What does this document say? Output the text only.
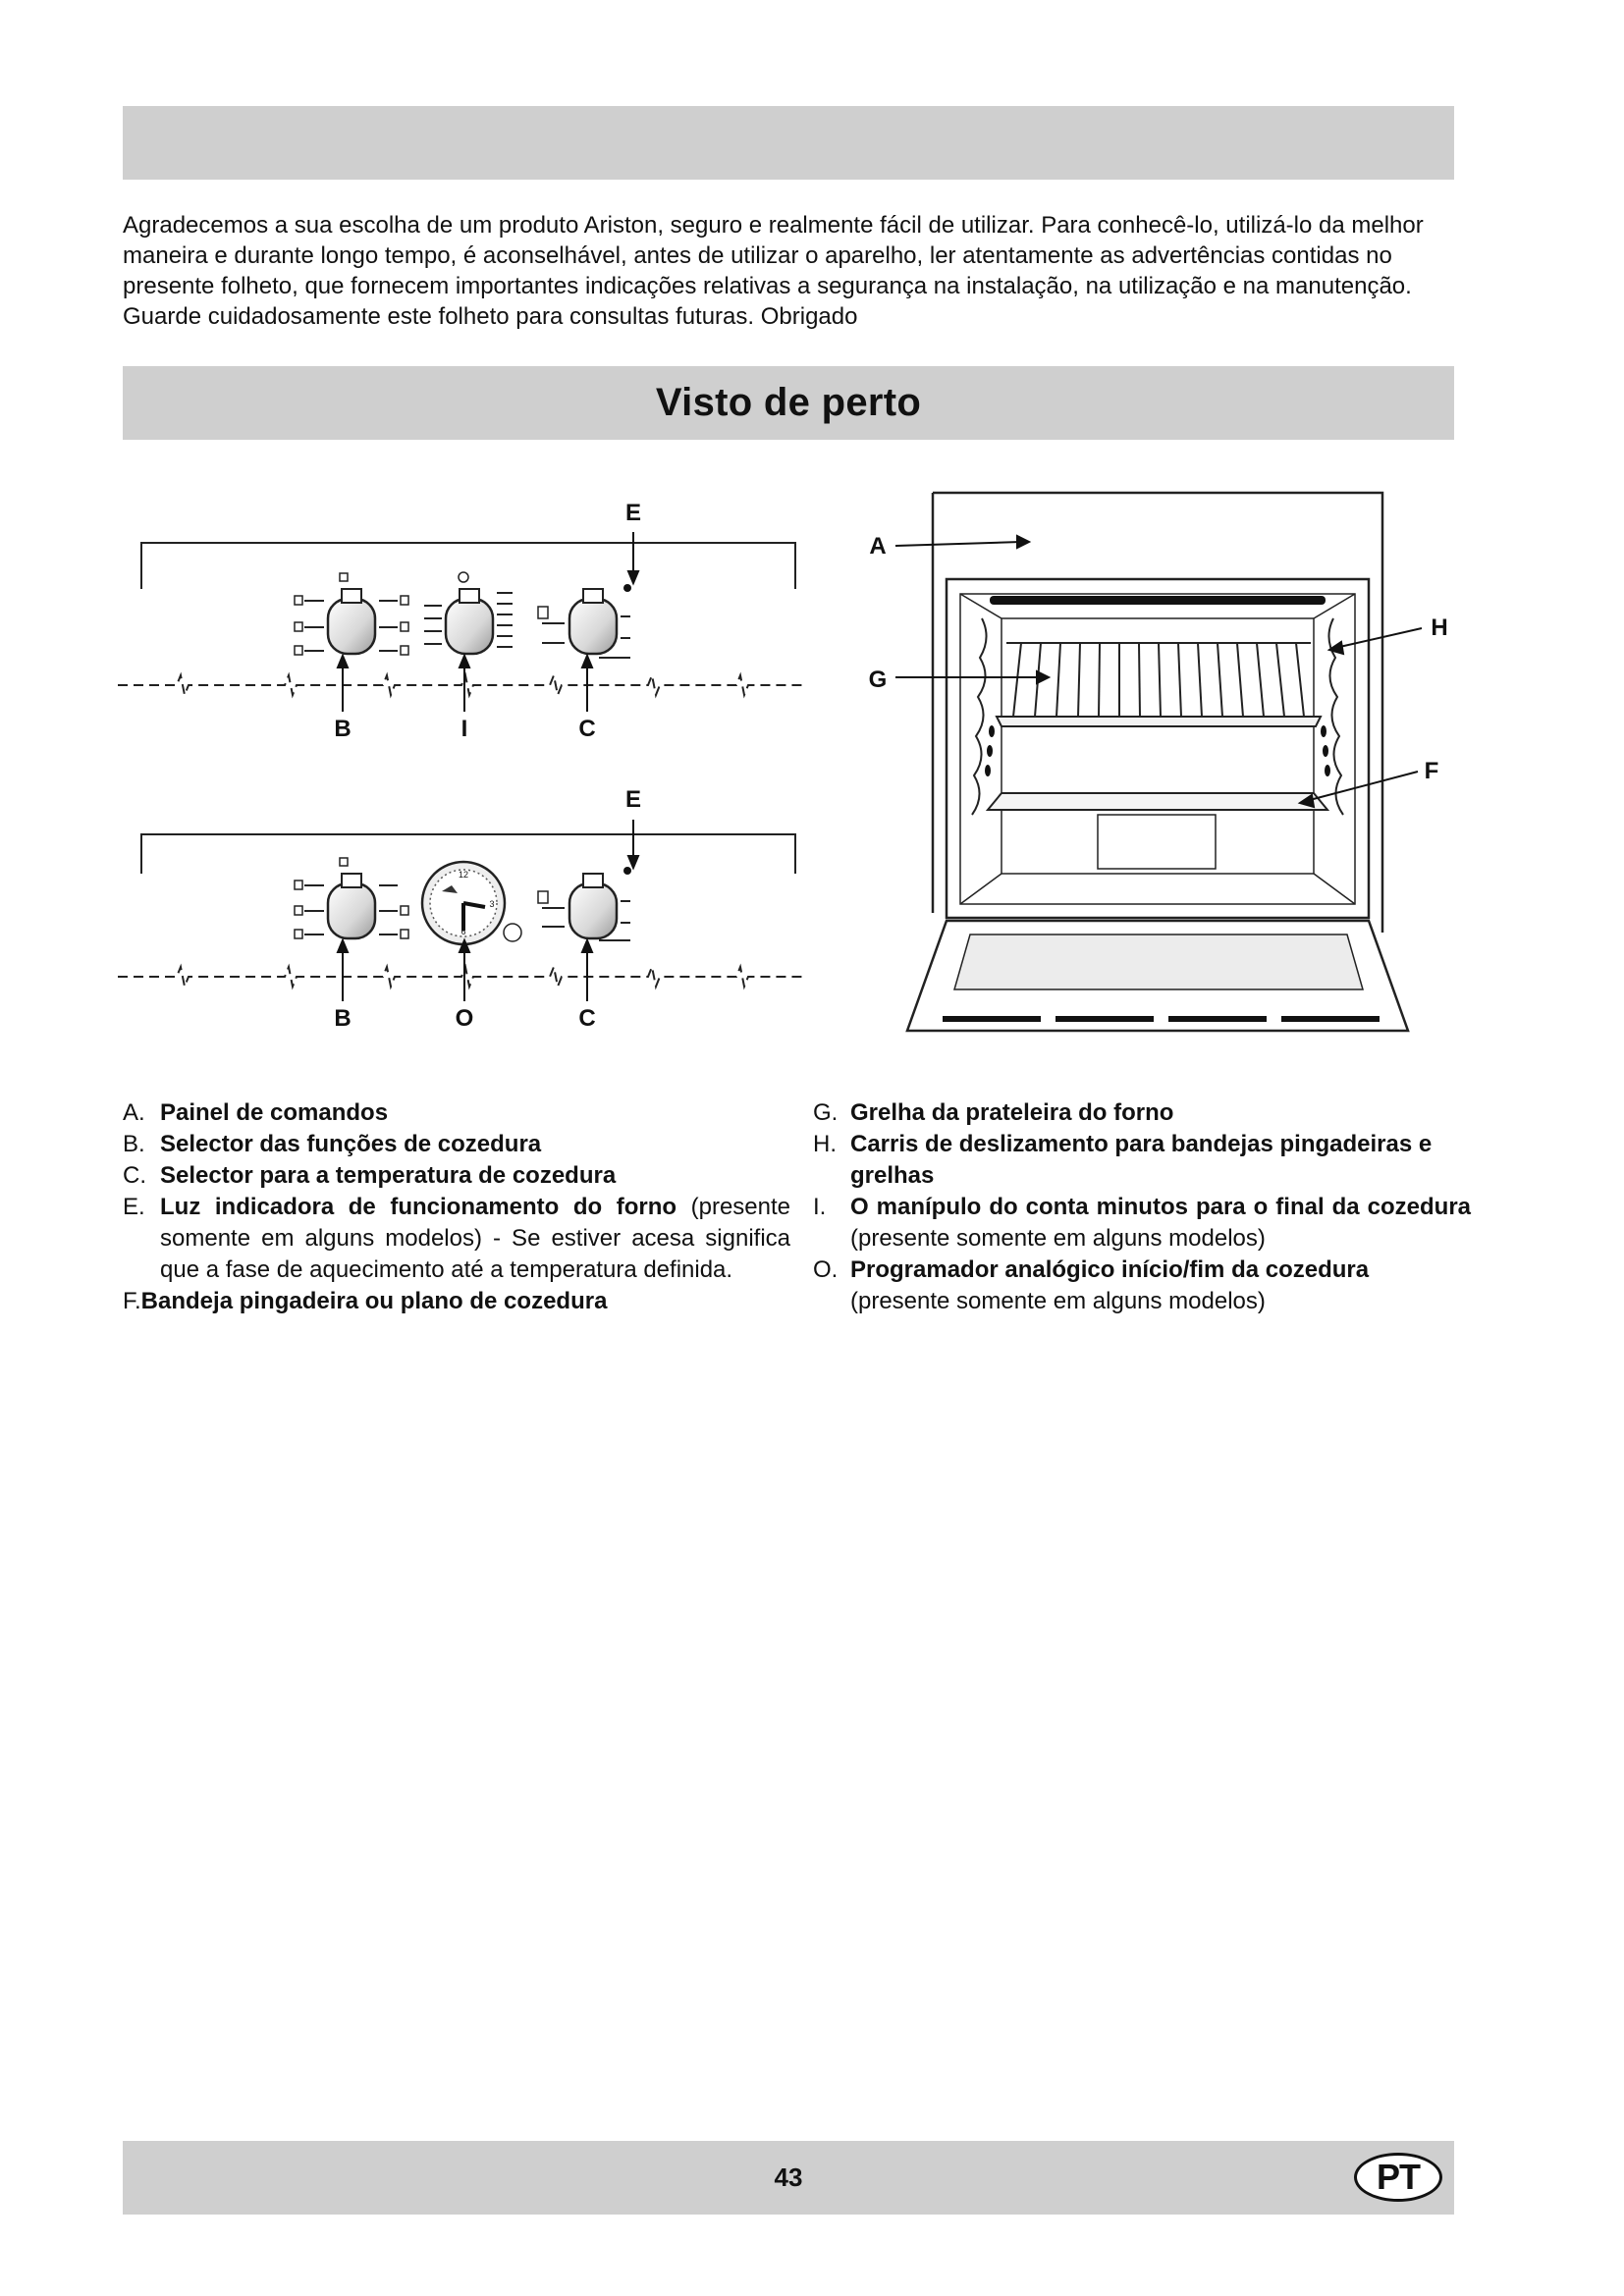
Agradecemos a sua escolha de um produto Ariston, seguro e realmente fácil de utilizar. Para conhecê-lo, utilizá-lo da melhor maneira e durante longo tempo, é aconselhável, antes de utilizar o aparelho, ler atentamente as advertências contidas no presente folheto, que fornecem importantes indicações relativas a segurança na instalação, na utilização e na manutenção. Guarde cuidadosamente este folheto para consultas futuras. Obrigado

Visto de perto
E
B	I	C
E
B	O	C
12
3
6
A
G
H
F
A. Painel de comandos
B. Selector das funções de cozedura
C. Selector para a temperatura de cozedura
E. Luz indicadora de funcionamento do forno (presente somente em alguns modelos) - Se estiver acesa significa que a fase de aquecimento até a temperatura definida.
F.Bandeja pingadeira ou plano de cozedura
G. Grelha da prateleira do forno
H. Carris de deslizamento para bandejas pingadeiras e grelhas
I. O manípulo do conta minutos para o final da cozedura (presente somente em alguns modelos)
O. Programador analógico início/fim da cozedura (presente somente em alguns modelos)
43	PT
